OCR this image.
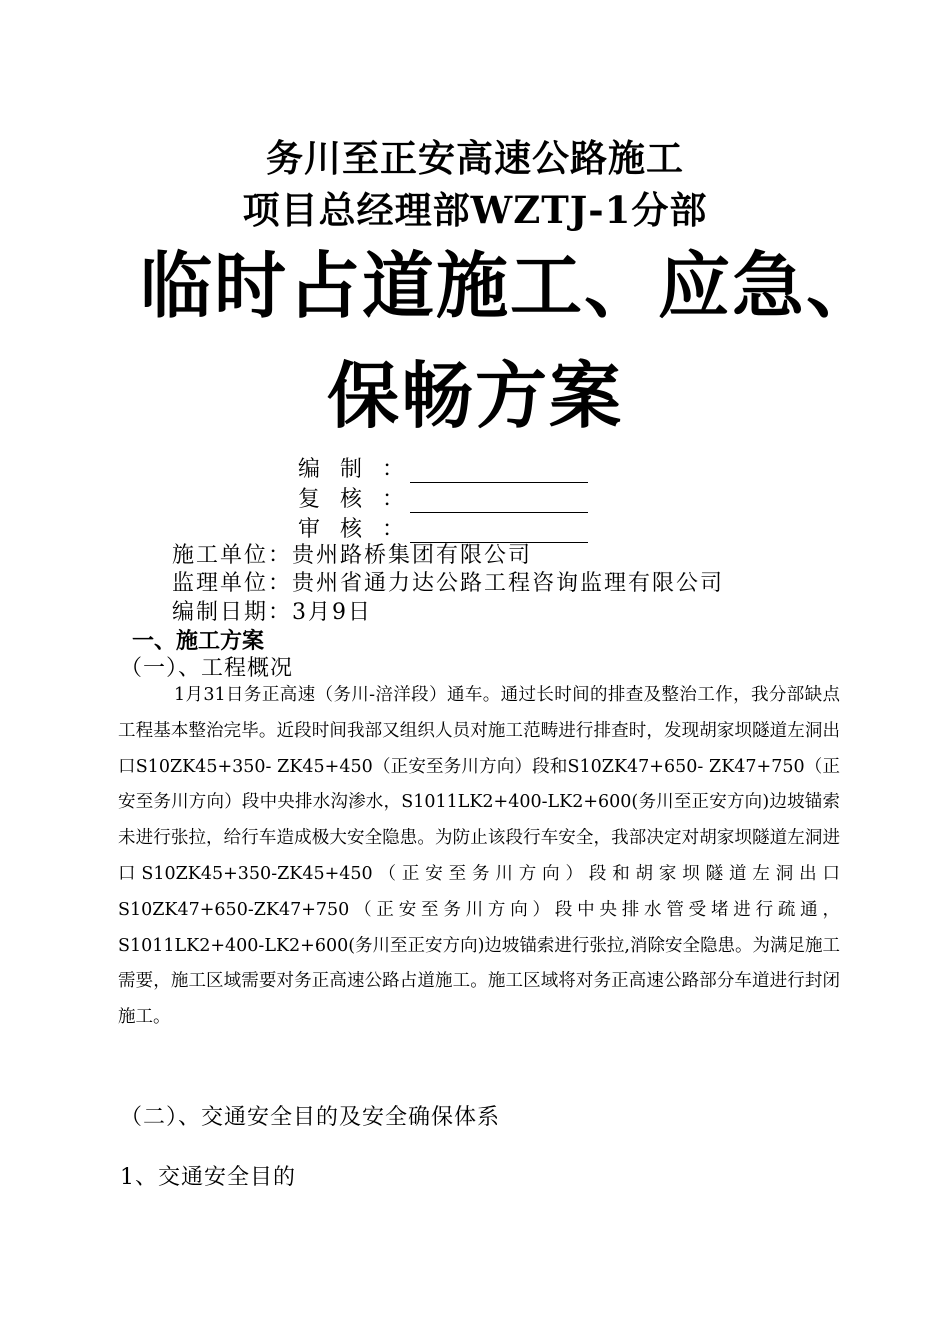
务川至正安高速公路施工
项目总经理部WZTJ-1分部
临时占道施工、应急、
保畅方案
编制：
复核：
审核：
施工单位：贵州路桥集团有限公司
监理单位：贵州省通力达公路工程咨询监理有限公司
编制日期：3月9日
一、施工方案
（一）、工程概况

1月31日务正高速（务川-涪洋段）通车。通过长时间的排查及整治工作，我分部缺点工程基本整治完毕。近段时间我部又组织人员对施工范畴进行排查时，发现胡家坝隧道左洞出口S10ZK45+350- ZK45+450（正安至务川方向）段和S10ZK47+650- ZK47+750（正安至务川方向）段中央排水沟渗水，S1011LK2+400-LK2+600(务川至正安方向)边坡锚索未进行张拉，给行车造成极大安全隐患。为防止该段行车安全，我部决定对胡家坝隧道左洞进口S10ZK45+350-ZK45+450（正安至务川方向）段和胡家坝隧道左洞出口S10ZK47+650-ZK47+750（正安至务川方向）段中央排水管受堵进行疏通，S1011LK2+400-LK2+600(务川至正安方向)边坡锚索进行张拉,消除安全隐患。为满足施工需要，施工区域需要对务正高速公路占道施工。施工区域将对务正高速公路部分车道进行封闭施工。

（二）、交通安全目的及安全确保体系
1、交通安全目的
